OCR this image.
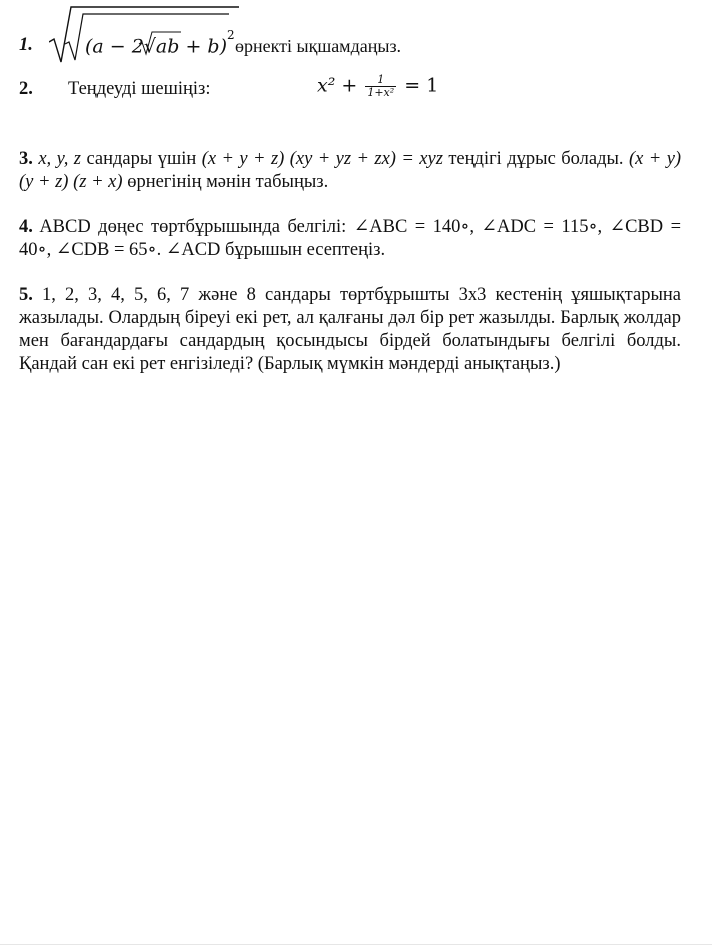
1.	$(a - 2√ab + b)^2$
өрнекті ықшамдаңыз.
2. Теңдеуді шешіңіз:	$x^2 + \frac{1}{\text{1+x²}} = 1$
3. x, y, z сандары үшін (x + y + z) (xy + yz + zx) = xyz теңдігі дұрыс болады. (x + y) (y + z) (z + x) өрнегінің мәнін табыңыз.
4. ABCD дөңес төртбұрышында белгілі: ∠ABC = 140∘, ∠ADC = 115∘, ∠CBD = 40∘, ∠CDB = 65∘. ∠ACD бұрышын есептеңіз.
5. 1, 2, 3, 4, 5, 6, 7 және 8 сандары төртбұрышты 3x3 кестенің ұяшықтарына жазылады. Олардың біреуі екі рет, ал қалғаны дәл бір рет жазылды. Барлық жолдар мен бағандардағы сандардың қосындысы бірдей болатындығы белгілі болды. Қандай сан екі рет енгізіледі? (Барлық мүмкін мәндерді анықтаңыз.)
